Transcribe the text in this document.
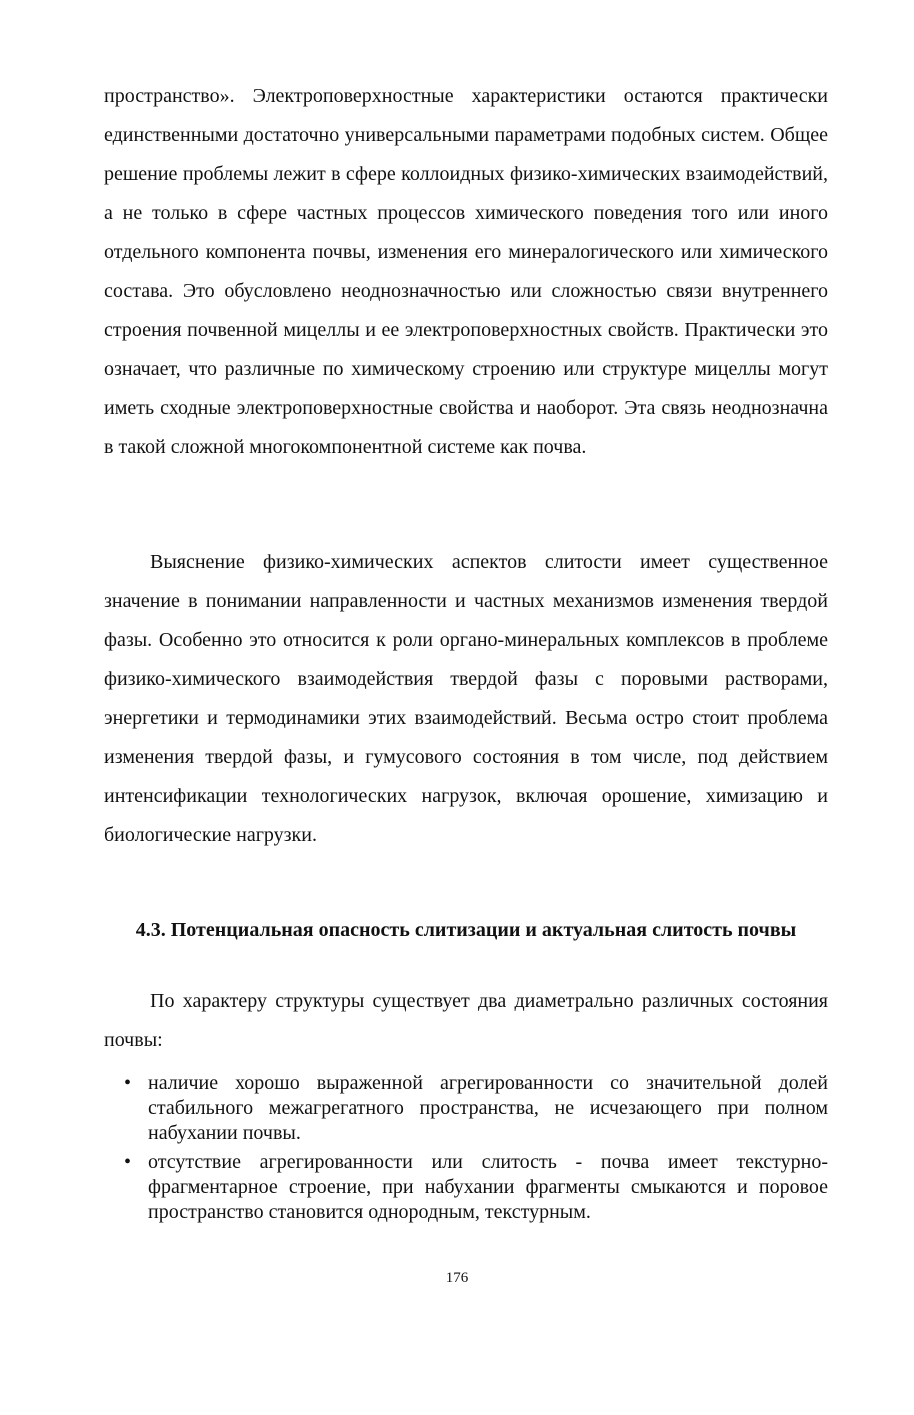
пространство». Электроповерхностные характеристики остаются практически единственными достаточно универсальными параметрами подобных систем. Общее решение проблемы лежит в сфере коллоидных физико-химических взаимодействий, а не только в сфере частных процессов химического поведения того или иного отдельного компонента почвы, изменения его минералогического или химического состава. Это обусловлено неоднозначностью или сложностью связи внутреннего строения почвенной мицеллы и ее электроповерхностных свойств. Практически это означает, что различные по химическому строению или структуре мицеллы могут иметь сходные электроповерхностные свойства и наоборот. Эта связь неоднозначна в такой сложной многокомпонентной системе как почва.

Выяснение физико-химических аспектов слитости имеет существенное значение в понимании направленности и частных механизмов изменения твердой фазы. Особенно это относится к роли органо-минеральных комплексов в проблеме физико-химического взаимодействия твердой фазы с поровыми растворами, энергетики и термодинамики этих взаимодействий. Весьма остро стоит проблема изменения твердой фазы, и гумусового состояния в том числе, под действием интенсификации технологических нагрузок, включая орошение, химизацию и биологические нагрузки.

4.3. Потенциальная опасность слитизации и актуальная слитость почвы

По характеру структуры существует два диаметрально различных состояния почвы:

• наличие хорошо выраженной агрегированности со значительной долей стабильного межагрегатного пространства, не исчезающего при полном набухании почвы.
• отсутствие агрегированности или слитость - почва имеет текстурно-фрагментарное строение, при набухании фрагменты смыкаются и поровое пространство становится однородным, текстурным.
176
